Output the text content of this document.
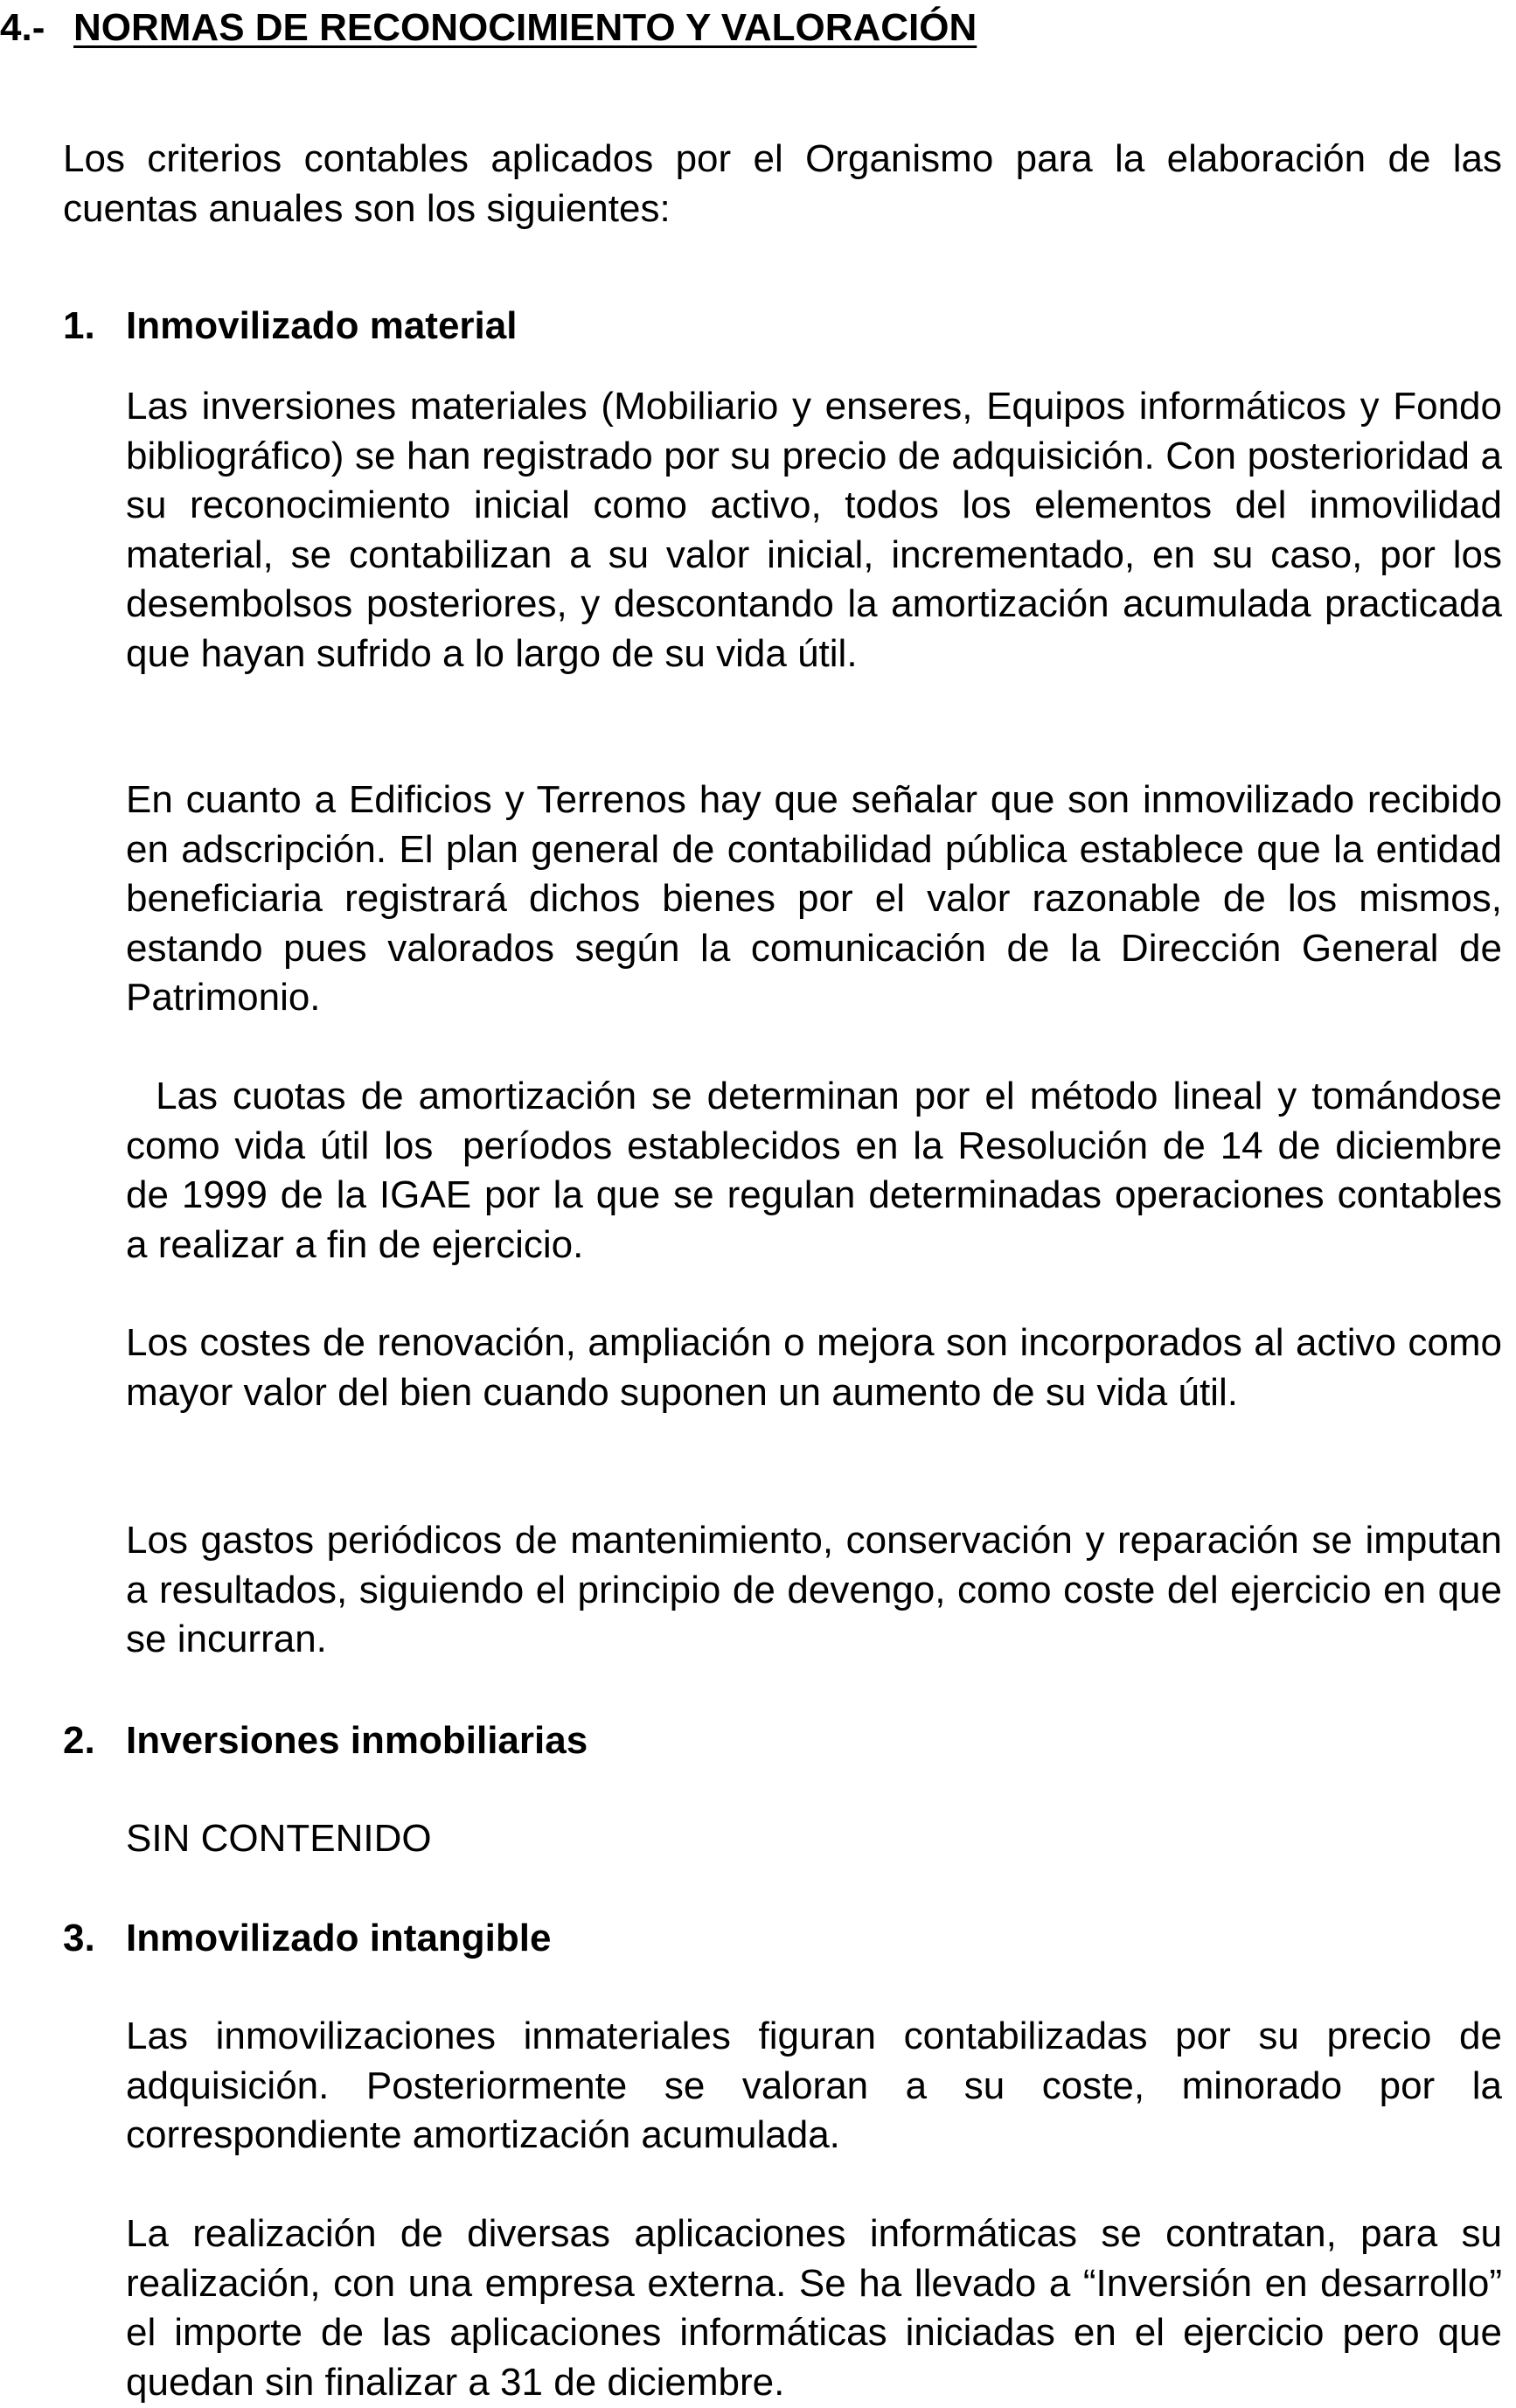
4.- NORMAS DE RECONOCIMIENTO Y VALORACIÓN

Los criterios contables aplicados por el Organismo para la elaboración de las cuentas anuales son los siguientes:

1. Inmovilizado material

Las inversiones materiales (Mobiliario y enseres, Equipos informáticos y Fondo bibliográfico) se han registrado por su precio de adquisición. Con posterioridad a su reconocimiento inicial como activo, todos los elementos del inmovilidad material, se contabilizan a su valor inicial, incrementado, en su caso, por los desembolsos posteriores, y descontando la amortización acumulada practicada que hayan sufrido a lo largo de su vida útil.

En cuanto a Edificios y Terrenos hay que señalar que son inmovilizado recibido en adscripción. El plan general de contabilidad pública establece que la entidad beneficiaria registrará dichos bienes por el valor razonable de los mismos, estando pues valorados según la comunicación de la Dirección General de Patrimonio.

Las cuotas de amortización se determinan por el método lineal y tomándose como vida útil los  períodos establecidos en la Resolución de 14 de diciembre de 1999 de la IGAE por la que se regulan determinadas operaciones contables a realizar a fin de ejercicio.

Los costes de renovación, ampliación o mejora son incorporados al activo como mayor valor del bien cuando suponen un aumento de su vida útil.

Los gastos periódicos de mantenimiento, conservación y reparación se imputan a resultados, siguiendo el principio de devengo, como coste del ejercicio en que se incurran.

2. Inversiones inmobiliarias
SIN CONTENIDO
3. Inmovilizado intangible

Las inmovilizaciones inmateriales figuran contabilizadas por su precio de adquisición. Posteriormente se valoran a su coste, minorado por la correspondiente amortización acumulada.

La realización de diversas aplicaciones informáticas se contratan, para su realización, con una empresa externa. Se ha llevado a “Inversión en desarrollo” el importe de las aplicaciones informáticas iniciadas en el ejercicio pero que quedan sin finalizar a 31 de diciembre.
